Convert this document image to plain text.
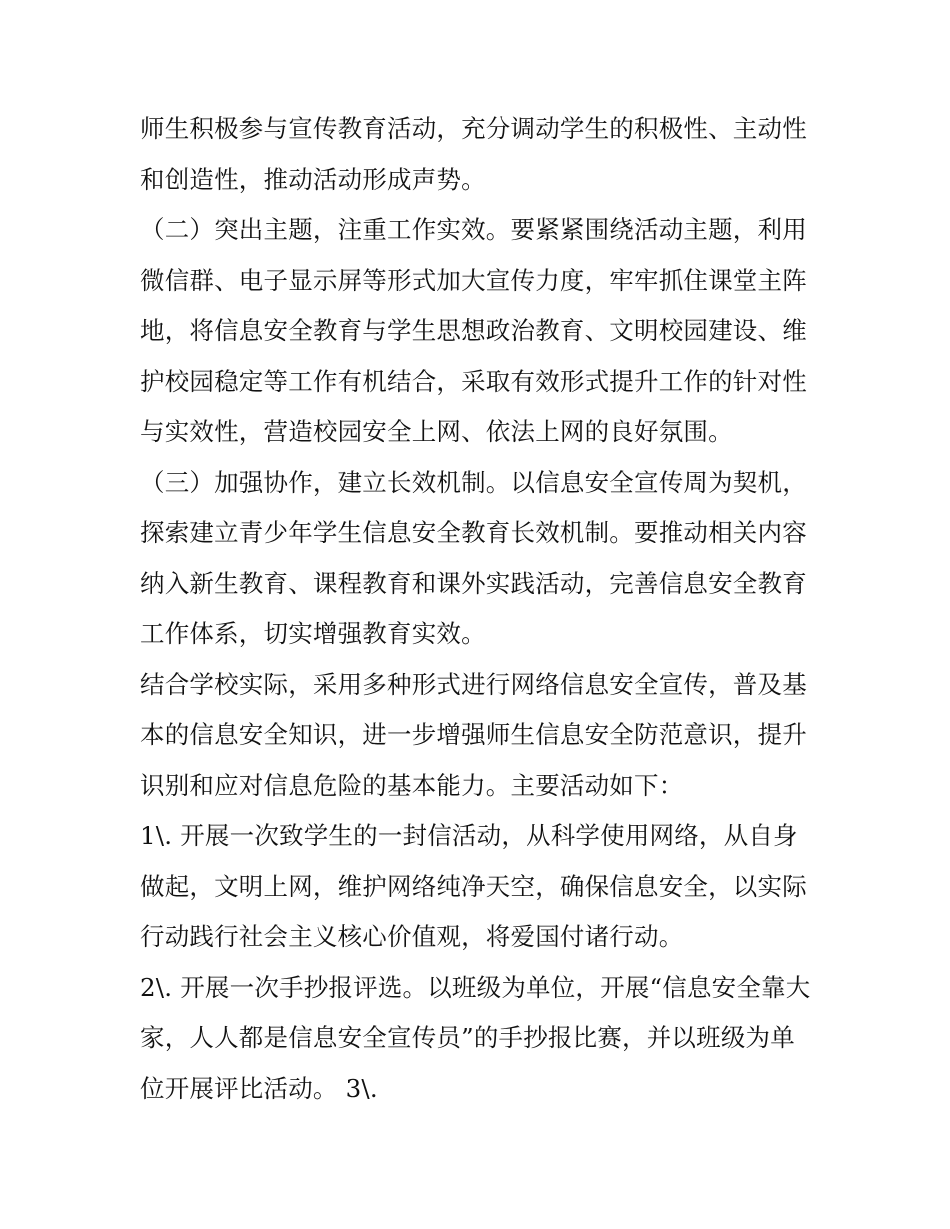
师生积极参与宣传教育活动，充分调动学生的积极性、主动性
和创造性，推动活动形成声势。
（二）突出主题，注重工作实效。要紧紧围绕活动主题，利用
微信群、电子显示屏等形式加大宣传力度，牢牢抓住课堂主阵
地，将信息安全教育与学生思想政治教育、文明校园建设、维
护校园稳定等工作有机结合，采取有效形式提升工作的针对性
与实效性，营造校园安全上网、依法上网的良好氛围。
（三）加强协作，建立长效机制。以信息安全宣传周为契机，
探索建立青少年学生信息安全教育长效机制。要推动相关内容
纳入新生教育、课程教育和课外实践活动，完善信息安全教育
工作体系，切实增强教育实效。
结合学校实际，采用多种形式进行网络信息安全宣传，普及基
本的信息安全知识，进一步增强师生信息安全防范意识，提升
识别和应对信息危险的基本能力。主要活动如下：
1\. 开展一次致学生的一封信活动，从科学使用网络，从自身
做起，文明上网，维护网络纯净天空，确保信息安全，以实际
行动践行社会主义核心价值观，将爱国付诸行动。
2\. 开展一次手抄报评选。以班级为单位，开展“信息安全靠大
家，人人都是信息安全宣传员”的手抄报比赛，并以班级为单
位开展评比活动。 3\.
